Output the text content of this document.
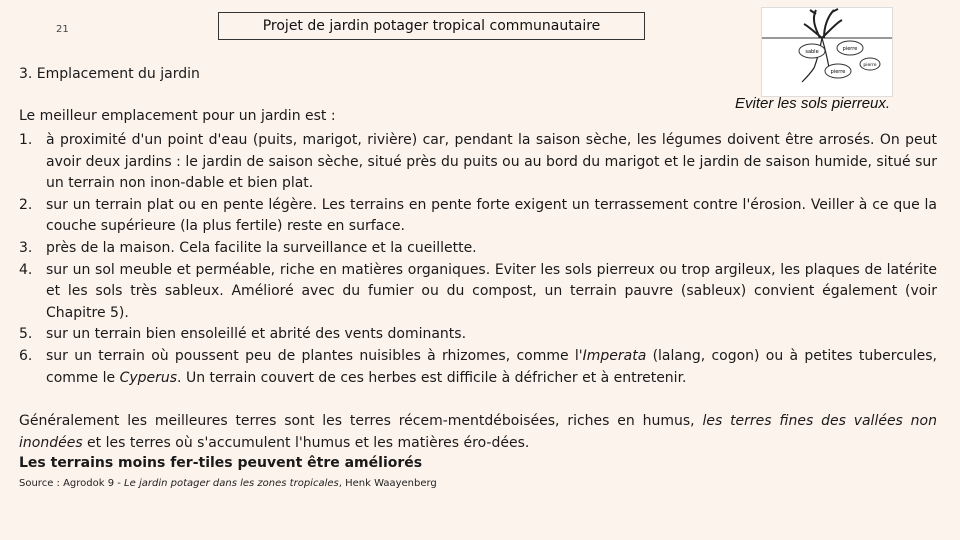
21	Projet de jardin potager tropical communautaire
3. Emplacement du jardin
sable	pierre
pierre
pierre
Eviter les sols pierreux.
Le meilleur emplacement pour un jardin est :
1. à proximité d'un point d'eau (puits, marigot, rivière) car, pendant la saison sèche, les légumes doivent être arrosés. On peut avoir deux jardins : le jardin de saison sèche, situé près du puits ou au bord du marigot et le jardin de saison humide, situé sur un terrain non inon-dable et bien plat.
2. sur un terrain plat ou en pente légère. Les terrains en pente forte exigent un terrassement contre l'érosion. Veiller à ce que la couche supérieure (la plus fertile) reste en surface.
3. près de la maison. Cela facilite la surveillance et la cueillette.
4. sur un sol meuble et perméable, riche en matières organiques. Eviter les sols pierreux ou trop argileux, les plaques de latérite et les sols très sableux. Amélioré avec du fumier ou du compost, un terrain pauvre (sableux) convient également (voir Chapitre 5).
5. sur un terrain bien ensoleillé et abrité des vents dominants.
6. sur un terrain où poussent peu de plantes nuisibles à rhizomes, comme l'Imperata (lalang, cogon) ou à petites tubercules, comme le Cyperus. Un terrain couvert de ces herbes est difficile à défricher et à entretenir.
Généralement les meilleures terres sont les terres récem-mentdéboisées, riches en humus, les terres fines des vallées non inondées et les terres où s'accumulent l'humus et les matières éro-dées.
Les terrains moins fer-tiles peuvent être améliorés
Source : Agrodok 9 - Le jardin potager dans les zones tropicales, Henk Waayenberg
